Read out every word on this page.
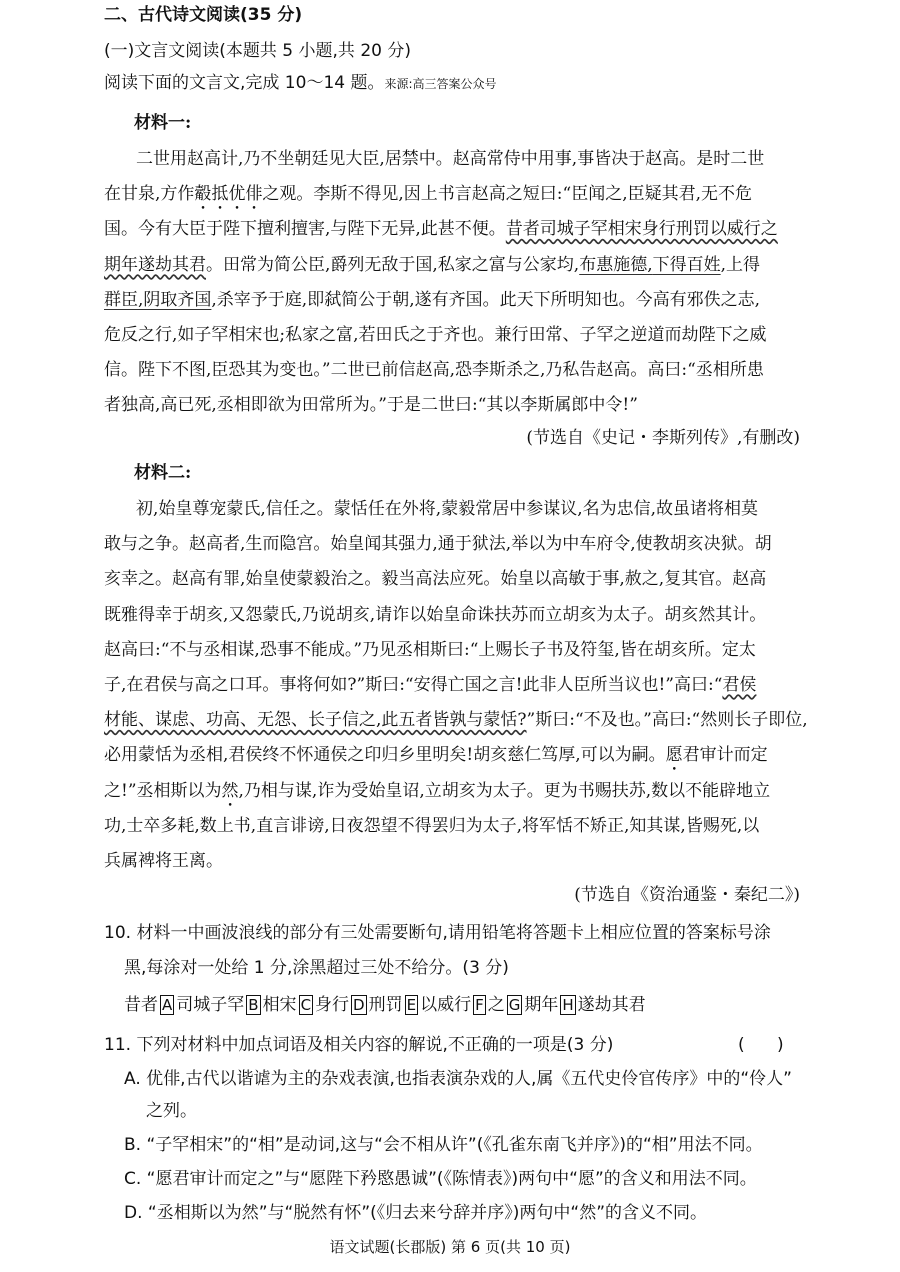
二、古代诗文阅读(35 分)
(一)文言文阅读(本题共 5 小题,共 20 分)
阅读下面的文言文,完成 10～14 题。来源:高三答案公众号
材料一:
二世用赵高计,乃不坐朝廷见大臣,居禁中。赵高常侍中用事,事皆决于赵高。是时二世
在甘泉,方作觳抵优俳之观。李斯不得见,因上书言赵高之短曰:“臣闻之,臣疑其君,无不危
国。今有大臣于陛下擅利擅害,与陛下无异,此甚不便。昔者司城子罕相宋身行刑罚以威行之
期年遂劫其君。田常为简公臣,爵列无敌于国,私家之富与公家均,布惠施德,下得百姓,上得
群臣,阴取齐国,杀宰予于庭,即弑简公于朝,遂有齐国。此天下所明知也。今高有邪佚之志,
危反之行,如子罕相宋也;私家之富,若田氏之于齐也。兼行田常、子罕之逆道而劫陛下之威
信。陛下不图,臣恐其为变也。”二世已前信赵高,恐李斯杀之,乃私告赵高。高曰:“丞相所患
者独高,高已死,丞相即欲为田常所为。”于是二世曰:“其以李斯属郎中令!”
(节选自《史记・李斯列传》,有删改)
材料二:
初,始皇尊宠蒙氏,信任之。蒙恬任在外将,蒙毅常居中参谋议,名为忠信,故虽诸将相莫
敢与之争。赵高者,生而隐宫。始皇闻其强力,通于狱法,举以为中车府令,使教胡亥决狱。胡
亥幸之。赵高有罪,始皇使蒙毅治之。毅当高法应死。始皇以高敏于事,赦之,复其官。赵高
既雅得幸于胡亥,又怨蒙氏,乃说胡亥,请诈以始皇命诛扶苏而立胡亥为太子。胡亥然其计。
赵高曰:“不与丞相谋,恐事不能成。”乃见丞相斯曰:“上赐长子书及符玺,皆在胡亥所。定太
子,在君侯与高之口耳。事将何如?”斯曰:“安得亡国之言!此非人臣所当议也!”高曰:“君侯
材能、谋虑、功高、无怨、长子信之,此五者皆孰与蒙恬?”斯曰:“不及也。”高曰:“然则长子即位,
必用蒙恬为丞相,君侯终不怀通侯之印归乡里明矣!胡亥慈仁笃厚,可以为嗣。愿君审计而定
之!”丞相斯以为然,乃相与谋,诈为受始皇诏,立胡亥为太子。更为书赐扶苏,数以不能辟地立
功,士卒多耗,数上书,直言诽谤,日夜怨望不得罢归为太子,将军恬不矫正,知其谋,皆赐死,以
兵属裨将王离。
(节选自《资治通鉴・秦纪二》)
10. 材料一中画波浪线的部分有三处需要断句,请用铅笔将答题卡上相应位置的答案标号涂
黑,每涂对一处给 1 分,涂黑超过三处不给分。(3 分)
昔者 A 司城子罕 B 相宋 C 身行 D 刑罚 E 以威行 F 之 G 期年 H 遂劫其君
11. 下列对材料中加点词语及相关内容的解说,不正确的一项是(3 分)	(      )
A. 优俳,古代以谐谑为主的杂戏表演,也指表演杂戏的人,属《五代史伶官传序》中的“伶人”
之列。
B. “子罕相宋”的“相”是动词,这与“会不相从许”(《孔雀东南飞并序》)的“相”用法不同。
C. “愿君审计而定之”与“愿陛下矜愍愚诚”(《陈情表》)两句中“愿”的含义和用法不同。
D. “丞相斯以为然”与“脱然有怀”(《归去来兮辞并序》)两句中“然”的含义不同。
语文试题(长郡版) 第 6 页(共 10 页)
